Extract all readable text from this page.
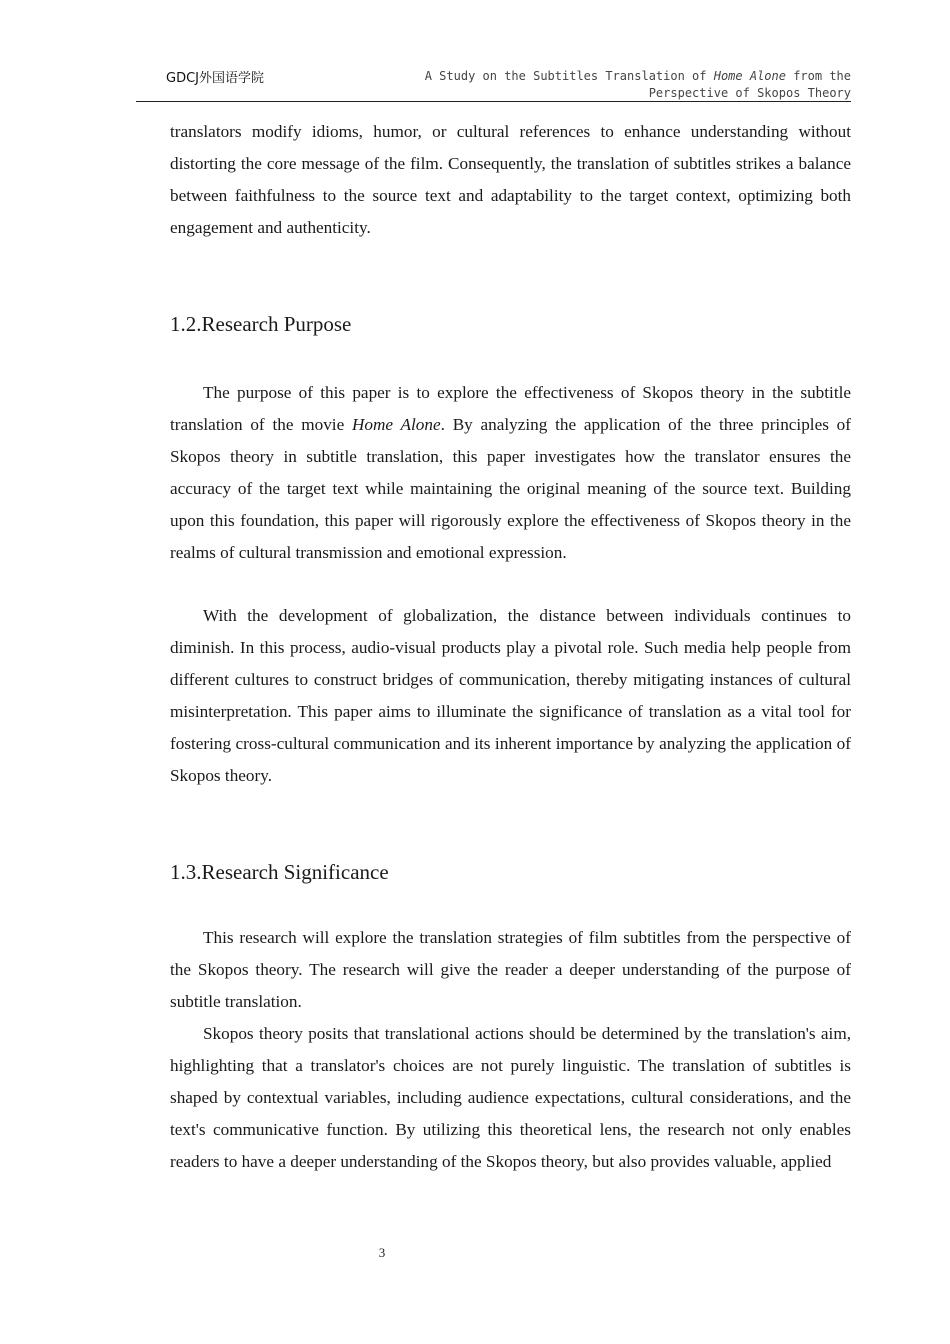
GDCJ外国语学院	A Study on the Subtitles Translation of Home Alone from the
Perspective of Skopos Theory

translators modify idioms, humor, or cultural references to enhance understanding without distorting the core message of the film. Consequently, the translation of subtitles strikes a balance between faithfulness to the source text and adaptability to the target context, optimizing both engagement and authenticity.

1.2.Research Purpose

The purpose of this paper is to explore the effectiveness of Skopos theory in the subtitle translation of the movie Home Alone. By analyzing the application of the three principles of Skopos theory in subtitle translation, this paper investigates how the translator ensures the accuracy of the target text while maintaining the original meaning of the source text. Building upon this foundation, this paper will rigorously explore the effectiveness of Skopos theory in the realms of cultural transmission and emotional expression.

With the development of globalization, the distance between individuals continues to diminish. In this process, audio-visual products play a pivotal role. Such media help people from different cultures to construct bridges of communication, thereby mitigating instances of cultural misinterpretation. This paper aims to illuminate the significance of translation as a vital tool for fostering cross-cultural communication and its inherent importance by analyzing the application of Skopos theory.

1.3.Research Significance

This research will explore the translation strategies of film subtitles from the perspective of the Skopos theory. The research will give the reader a deeper understanding of the purpose of subtitle translation.

Skopos theory posits that translational actions should be determined by the translation's aim, highlighting that a translator's choices are not purely linguistic. The translation of subtitles is shaped by contextual variables, including audience expectations, cultural considerations, and the text's communicative function. By utilizing this theoretical lens, the research not only enables readers to have a deeper understanding of the Skopos theory, but also provides valuable, applied

3
